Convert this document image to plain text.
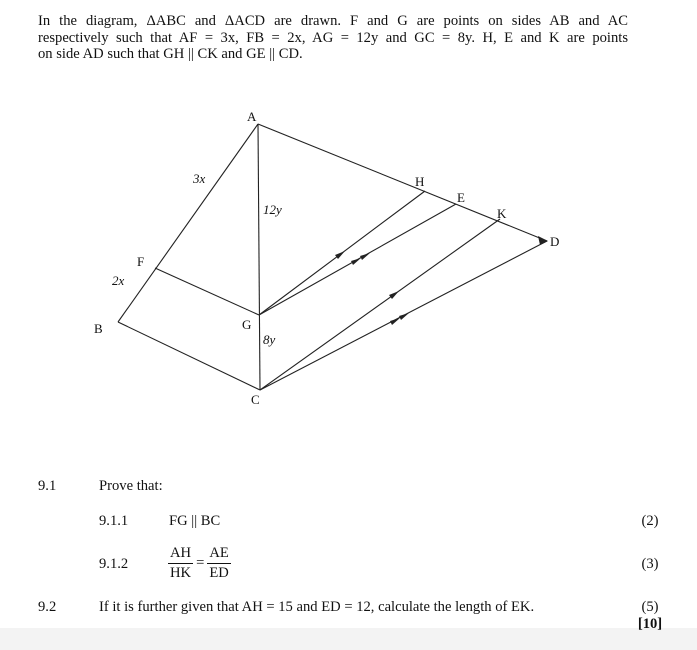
In the diagram, ΔABC and ΔACD are drawn. F and G are points on sides AB and AC
respectively such that AF = 3x, FB = 2x, AG = 12y and GC = 8y. H, E and K are points
on side AD such that GH || CK and GE || CD.
A
B
C
D
F
G
H
E
K
3x
2x
12y
8y
9.1	Prove that:
9.1.1	FG || BC	(2)
9.1.2	$\frac{AH}{HK} = \frac{AE}{ED}$	(3)
9.2	If it is further given that AH = 15 and ED = 12, calculate the length of EK.	(5)
[10]
